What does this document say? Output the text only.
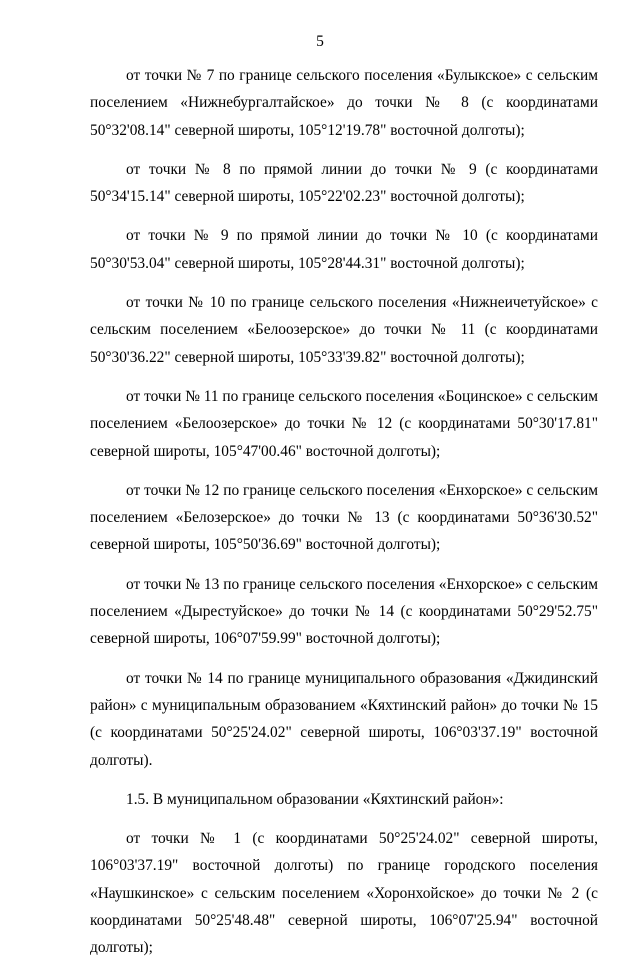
5

от точки № 7 по границе сельского поселения «Булыкское» с сельским поселением «Нижнебургалтайское» до точки № 8 (с координатами 50°32'08.14" северной широты, 105°12'19.78" восточной долготы);

от точки № 8 по прямой линии до точки № 9 (с координатами 50°34'15.14" северной широты, 105°22'02.23" восточной долготы);

от точки № 9 по прямой линии до точки № 10 (с координатами 50°30'53.04" северной широты, 105°28'44.31" восточной долготы);

от точки № 10 по границе сельского поселения «Нижнеичетуйское» с сельским поселением «Белоозерское» до точки № 11 (с координатами 50°30'36.22" северной широты, 105°33'39.82" восточной долготы);

от точки № 11 по границе сельского поселения «Боцинское» с сельским поселением «Белоозерское» до точки № 12 (с координатами 50°30'17.81" северной широты, 105°47'00.46" восточной долготы);

от точки № 12 по границе сельского поселения «Енхорское» с сельским поселением «Белозерское» до точки № 13 (с координатами 50°36'30.52" северной широты, 105°50'36.69" восточной долготы);

от точки № 13 по границе сельского поселения «Енхорское» с сельским поселением «Дырестуйское» до точки № 14 (с координатами 50°29'52.75" северной широты, 106°07'59.99" восточной долготы);

от точки № 14 по границе муниципального образования «Джидинский район» с муниципальным образованием «Кяхтинский район» до точки № 15 (с координатами 50°25'24.02" северной широты, 106°03'37.19" восточной долготы).

1.5. В муниципальном образовании «Кяхтинский район»:

от точки № 1 (с координатами 50°25'24.02" северной широты, 106°03'37.19" восточной долготы) по границе городского поселения «Наушкинское» с сельским поселением «Хоронхойское» до точки № 2 (с координатами 50°25'48.48" северной широты, 106°07'25.94" восточной долготы);
